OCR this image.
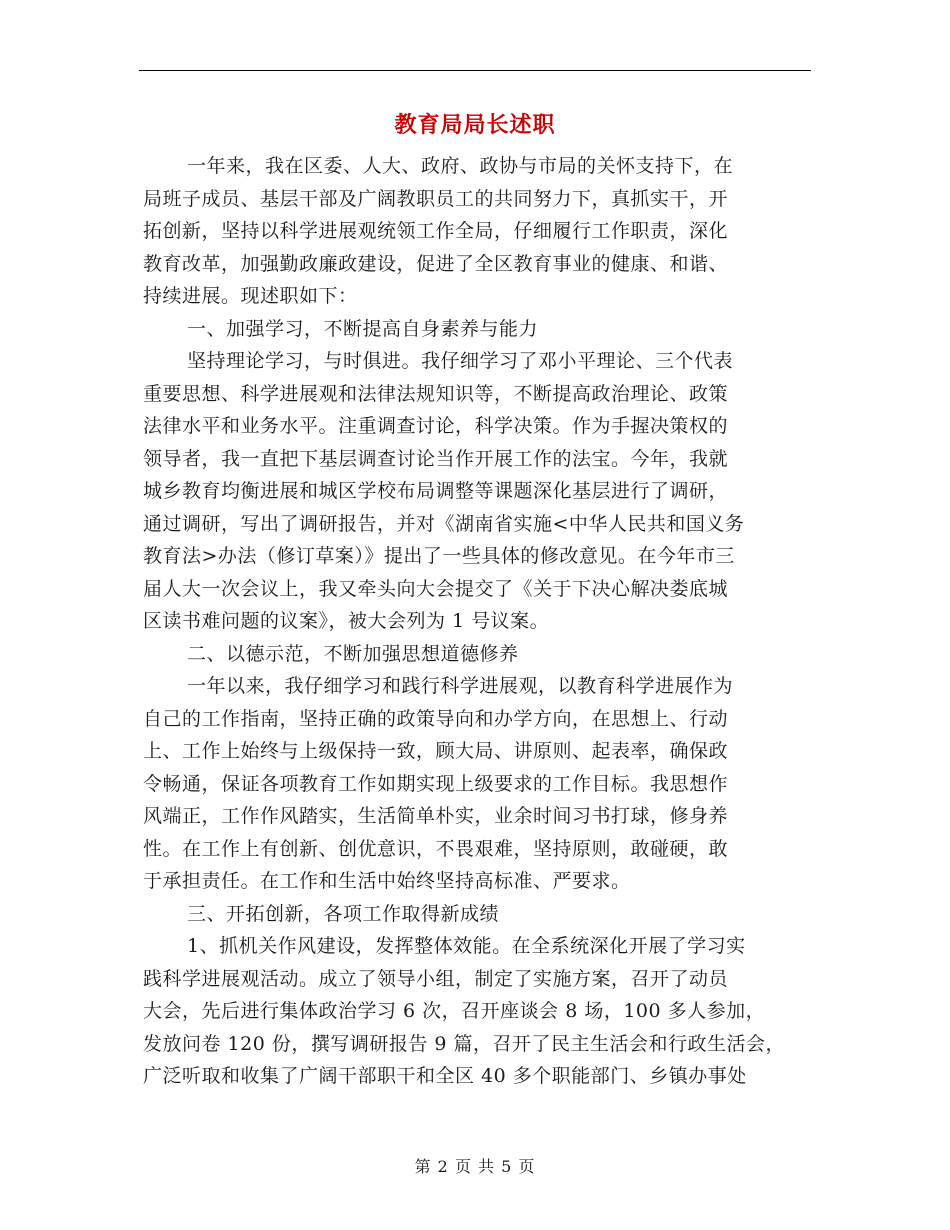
教育局局长述职
一年来，我在区委、人大、政府、政协与市局的关怀支持下，在
局班子成员、基层干部及广阔教职员工的共同努力下，真抓实干，开
拓创新，坚持以科学进展观统领工作全局，仔细履行工作职责，深化
教育改革，加强勤政廉政建设，促进了全区教育事业的健康、和谐、
持续进展。现述职如下：
一、加强学习，不断提高自身素养与能力
坚持理论学习，与时俱进。我仔细学习了邓小平理论、三个代表
重要思想、科学进展观和法律法规知识等，不断提高政治理论、政策
法律水平和业务水平。注重调查讨论，科学决策。作为手握决策权的
领导者，我一直把下基层调查讨论当作开展工作的法宝。今年，我就
城乡教育均衡进展和城区学校布局调整等课题深化基层进行了调研，
通过调研，写出了调研报告，并对《湖南省实施<中华人民共和国义务
教育法>办法（修订草案）》提出了一些具体的修改意见。在今年市三
届人大一次会议上，我又牵头向大会提交了《关于下决心解决娄底城
区读书难问题的议案》，被大会列为 1 号议案。
二、以德示范，不断加强思想道德修养
一年以来，我仔细学习和践行科学进展观，以教育科学进展作为
自己的工作指南，坚持正确的政策导向和办学方向，在思想上、行动
上、工作上始终与上级保持一致，顾大局、讲原则、起表率，确保政
令畅通，保证各项教育工作如期实现上级要求的工作目标。我思想作
风端正，工作作风踏实，生活简单朴实，业余时间习书打球，修身养
性。在工作上有创新、创优意识，不畏艰难，坚持原则，敢碰硬，敢
于承担责任。在工作和生活中始终坚持高标准、严要求。
三、开拓创新，各项工作取得新成绩
1、抓机关作风建设，发挥整体效能。在全系统深化开展了学习实
践科学进展观活动。成立了领导小组，制定了实施方案，召开了动员
大会，先后进行集体政治学习 6 次，召开座谈会 8 场，100 多人参加，
发放问卷 120 份，撰写调研报告 9 篇，召开了民主生活会和行政生活会，
广泛听取和收集了广阔干部职干和全区 40 多个职能部门、乡镇办事处
第 2 页 共 5 页
